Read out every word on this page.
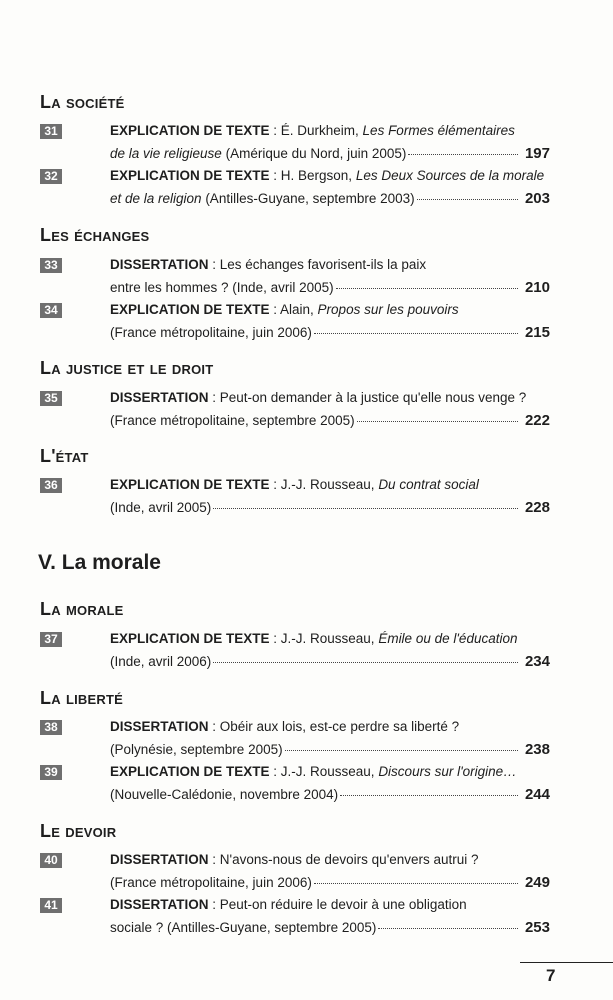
La société
31	EXPLICATION DE TEXTE : É. Durkheim, Les Formes élémentaires
de la vie religieuse (Amérique du Nord, juin 2005)	197
32	EXPLICATION DE TEXTE : H. Bergson, Les Deux Sources de la morale
et de la religion (Antilles-Guyane, septembre 2003)	203
Les échanges
33	DISSERTATION : Les échanges favorisent-ils la paix
entre les hommes ? (Inde, avril 2005)	210
34	EXPLICATION DE TEXTE : Alain, Propos sur les pouvoirs
(France métropolitaine, juin 2006)	215
La justice et le droit
35	DISSERTATION : Peut-on demander à la justice qu'elle nous venge ?
(France métropolitaine, septembre 2005)	222
L'état
36	EXPLICATION DE TEXTE : J.-J. Rousseau, Du contrat social
(Inde, avril 2005)	228
V. La morale
La morale
37	EXPLICATION DE TEXTE : J.-J. Rousseau, Émile ou de l'éducation
(Inde, avril 2006)	234
La liberté
38	DISSERTATION : Obéir aux lois, est-ce perdre sa liberté ?
(Polynésie, septembre 2005)	238
39	EXPLICATION DE TEXTE : J.-J. Rousseau, Discours sur l'origine…
(Nouvelle-Calédonie, novembre 2004)	244
Le devoir
40	DISSERTATION : N'avons-nous de devoirs qu'envers autrui ?
(France métropolitaine, juin 2006)	249
41	DISSERTATION : Peut-on réduire le devoir à une obligation
sociale ? (Antilles-Guyane, septembre 2005)	253
7
